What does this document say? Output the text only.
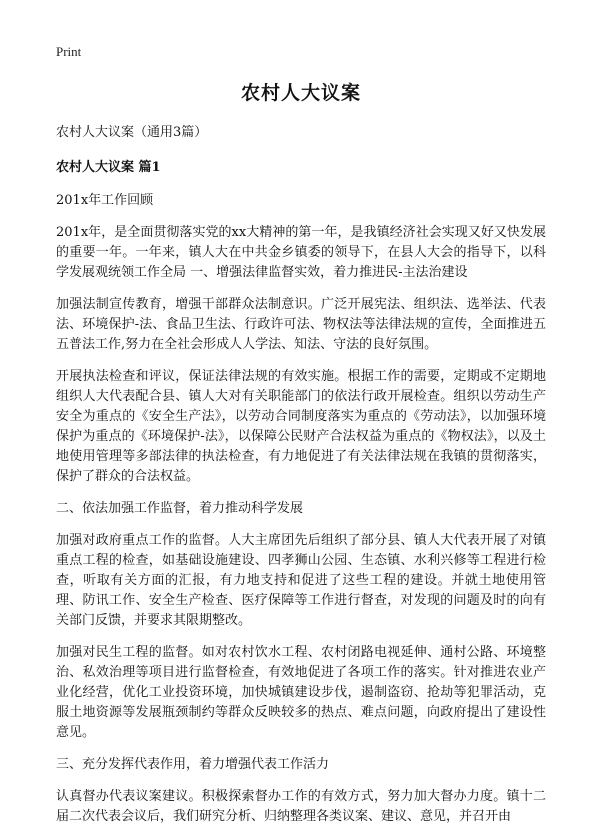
Print
农村人大议案

农村人大议案（通用3篇）

农村人大议案 篇1

201x年工作回顾

201x年，是全面贯彻落实党的xx大精神的第一年，是我镇经济社会实现又好又快发展的重要一年。一年来，镇人大在中共金乡镇委的领导下，在县人大会的指导下，以科学发展观统领工作全局 一、增强法律监督实效，着力推进民-主法治建设

加强法制宣传教育，增强干部群众法制意识。广泛开展宪法、组织法、选举法、代表法、环境保护-法、食品卫生法、行政许可法、物权法等法律法规的宣传，全面推进五五普法工作,努力在全社会形成人人学法、知法、守法的良好氛围。

开展执法检查和评议，保证法律法规的有效实施。根据工作的需要，定期或不定期地组织人大代表配合县、镇人大对有关职能部门的依法行政开展检查。组织以劳动生产安全为重点的《安全生产法》，以劳动合同制度落实为重点的《劳动法》，以加强环境保护为重点的《环境保护-法》，以保障公民财产合法权益为重点的《物权法》，以及土地使用管理等多部法律的执法检查，有力地促进了有关法律法规在我镇的贯彻落实，保护了群众的合法权益。

二、依法加强工作监督，着力推动科学发展

加强对政府重点工作的监督。人大主席团先后组织了部分县、镇人大代表开展了对镇重点工程的检查，如基础设施建设、四孝狮山公园、生态镇、水利兴修等工程进行检查，听取有关方面的汇报，有力地支持和促进了这些工程的建设。并就土地使用管理、防讯工作、安全生产检查、医疗保障等工作进行督查，对发现的问题及时的向有关部门反馈，并要求其限期整改。

加强对民生工程的监督。如对农村饮水工程、农村闭路电视延伸、通村公路、环境整治、私效治理等项目进行监督检查，有效地促进了各项工作的落实。针对推进农业产业化经营，优化工业投资环境，加快城镇建设步伐，遏制盗窃、抢劫等犯罪活动，克服土地资源等发展瓶颈制约等群众反映较多的热点、难点问题，向政府提出了建设性意见。

三、充分发挥代表作用，着力增强代表工作活力

认真督办代表议案建议。积极探索督办工作的有效方式，努力加大督办力度。镇十二届二次代表会议后，我们研究分析、归纳整理各类议案、建议、意见，并召开由
